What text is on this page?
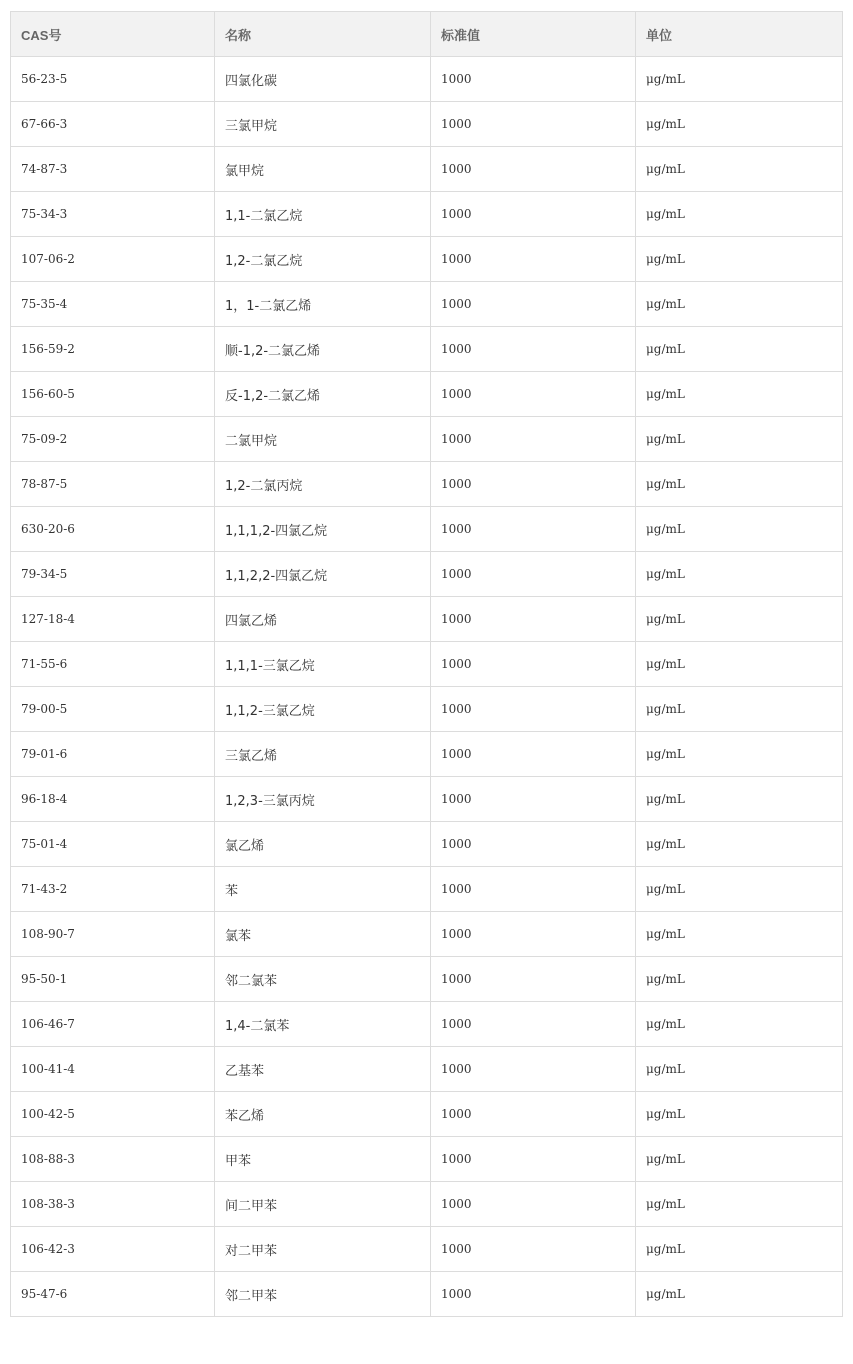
CAS号	名称	标准值	单位
56-23-5	四氯化碳	1000	μg/mL
67-66-3	三氯甲烷	1000	μg/mL
74-87-3	氯甲烷	1000	μg/mL
75-34-3	1,1-二氯乙烷	1000	μg/mL
107-06-2	1,2-二氯乙烷	1000	μg/mL
75-35-4	1，1-二氯乙烯	1000	μg/mL
156-59-2	顺-1,2-二氯乙烯	1000	μg/mL
156-60-5	反-1,2-二氯乙烯	1000	μg/mL
75-09-2	二氯甲烷	1000	μg/mL
78-87-5	1,2-二氯丙烷	1000	μg/mL
630-20-6	1,1,1,2-四氯乙烷	1000	μg/mL
79-34-5	1,1,2,2-四氯乙烷	1000	μg/mL
127-18-4	四氯乙烯	1000	μg/mL
71-55-6	1,1,1-三氯乙烷	1000	μg/mL
79-00-5	1,1,2-三氯乙烷	1000	μg/mL
79-01-6	三氯乙烯	1000	μg/mL
96-18-4	1,2,3-三氯丙烷	1000	μg/mL
75-01-4	氯乙烯	1000	μg/mL
71-43-2	苯	1000	μg/mL
108-90-7	氯苯	1000	μg/mL
95-50-1	邻二氯苯	1000	μg/mL
106-46-7	1,4-二氯苯	1000	μg/mL
100-41-4	乙基苯	1000	μg/mL
100-42-5	苯乙烯	1000	μg/mL
108-88-3	甲苯	1000	μg/mL
108-38-3	间二甲苯	1000	μg/mL
106-42-3	对二甲苯	1000	μg/mL
95-47-6	邻二甲苯	1000	μg/mL
